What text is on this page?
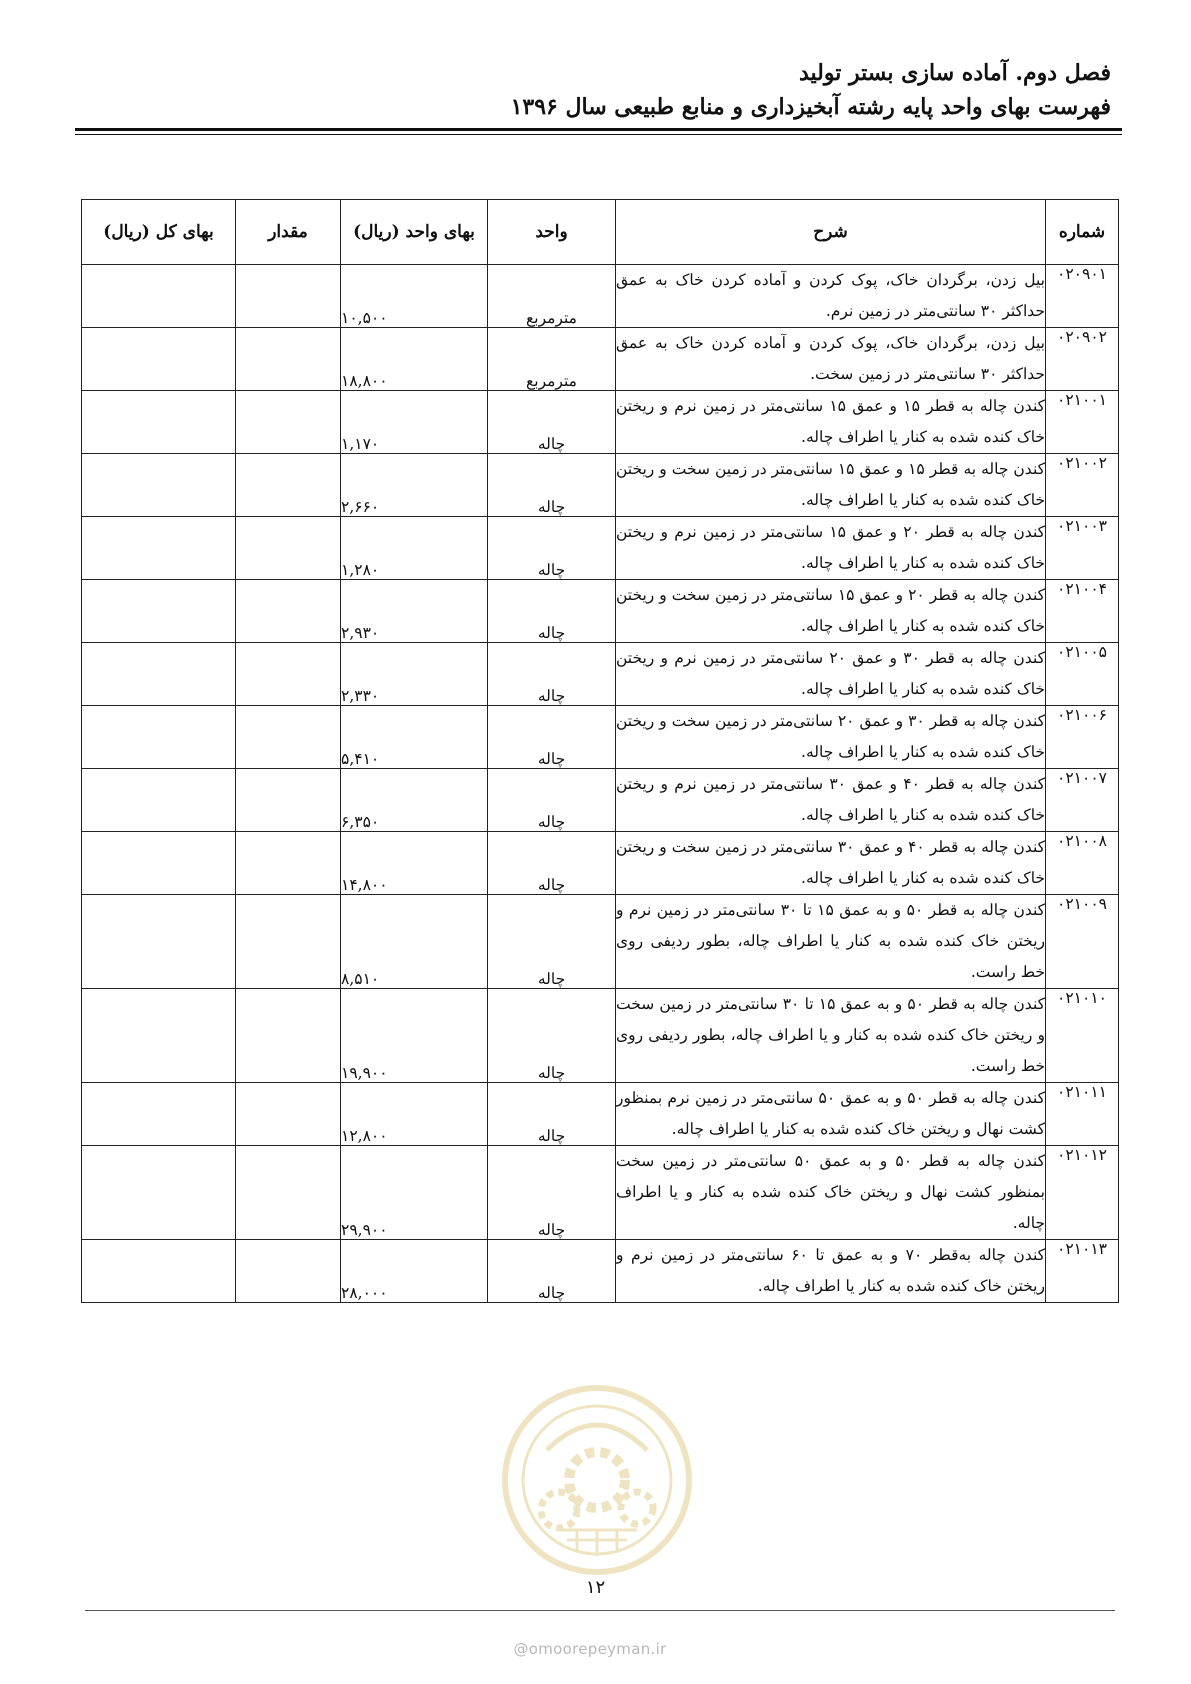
فصل دوم. آماده سازی بستر تولید
فهرست بهای واحد پایه رشته آبخیزداری و منابع طبیعی سال ۱۳۹۶
شماره	شرح	واحد	بهای واحد (ریال)	مقدار	بهای کل (ریال)
۰۲۰۹۰۱	بیل زدن، برگردان خاک، پوک کردن و آماده کردن خاک به عمق حداکثر ۳۰ سانتی‌متر در زمین نرم.	مترمربع	۱۰,۵۰۰		
۰۲۰۹۰۲	بیل زدن، برگردان خاک، پوک کردن و آماده کردن خاک به عمق حداکثر ۳۰ سانتی‌متر در زمین سخت.	مترمربع	۱۸,۸۰۰		
۰۲۱۰۰۱	کندن چاله به قطر ۱۵ و عمق ۱۵ سانتی‌متر در زمین نرم و ریختن خاک کنده شده به کنار یا اطراف چاله.	چاله	۱,۱۷۰		
۰۲۱۰۰۲	کندن چاله به قطر ۱۵ و عمق ۱۵ سانتی‌متر در زمین سخت و ریختن خاک کنده شده به کنار یا اطراف چاله.	چاله	۲,۶۶۰		
۰۲۱۰۰۳	کندن چاله به قطر ۲۰ و عمق ۱۵ سانتی‌متر در زمین نرم و ریختن خاک کنده شده به کنار یا اطراف چاله.	چاله	۱,۲۸۰		
۰۲۱۰۰۴	کندن چاله به قطر ۲۰ و عمق ۱۵ سانتی‌متر در زمین سخت و ریختن خاک کنده شده به کنار یا اطراف چاله.	چاله	۲,۹۳۰		
۰۲۱۰۰۵	کندن چاله به قطر ۳۰ و عمق ۲۰ سانتی‌متر در زمین نرم و ریختن خاک کنده شده به کنار یا اطراف چاله.	چاله	۲,۳۳۰		
۰۲۱۰۰۶	کندن چاله به قطر ۳۰ و عمق ۲۰ سانتی‌متر در زمین سخت و ریختن خاک کنده شده به کنار یا اطراف چاله.	چاله	۵,۴۱۰		
۰۲۱۰۰۷	کندن چاله به قطر ۴۰ و عمق ۳۰ سانتی‌متر در زمین نرم و ریختن خاک کنده شده به کنار یا اطراف چاله.	چاله	۶,۳۵۰		
۰۲۱۰۰۸	کندن چاله به قطر ۴۰ و عمق ۳۰ سانتی‌متر در زمین سخت و ریختن خاک کنده شده به کنار یا اطراف چاله.	چاله	۱۴,۸۰۰		
۰۲۱۰۰۹	کندن چاله به قطر ۵۰ و به عمق ۱۵ تا ۳۰ سانتی‌متر در زمین نرم و ریختن خاک کنده شده به کنار یا اطراف چاله، بطور ردیفی روی خط راست.	چاله	۸,۵۱۰		
۰۲۱۰۱۰	کندن چاله به قطر ۵۰ و به عمق ۱۵ تا ۳۰ سانتی‌متر در زمین سخت و ریختن خاک کنده شده به کنار و یا اطراف چاله، بطور ردیفی روی خط راست.	چاله	۱۹,۹۰۰		
۰۲۱۰۱۱	کندن چاله به قطر ۵۰ و به عمق ۵۰ سانتی‌متر در زمین نرم بمنظور کشت نهال و ریختن خاک کنده شده به کنار یا اطراف چاله.	چاله	۱۲,۸۰۰		
۰۲۱۰۱۲	کندن چاله به قطر ۵۰ و به عمق ۵۰ سانتی‌متر در زمین سخت بمنظور کشت نهال و ریختن خاک کنده شده به کنار و یا اطراف چاله.	چاله	۲۹,۹۰۰		
۰۲۱۰۱۳	کندن چاله به‌قطر ۷۰ و به عمق تا ۶۰ سانتی‌متر در زمین نرم و ریختن خاک کنده شده به کنار یا اطراف چاله.	چاله	۲۸,۰۰۰		
۱۲
@omoorepeyman.ir
